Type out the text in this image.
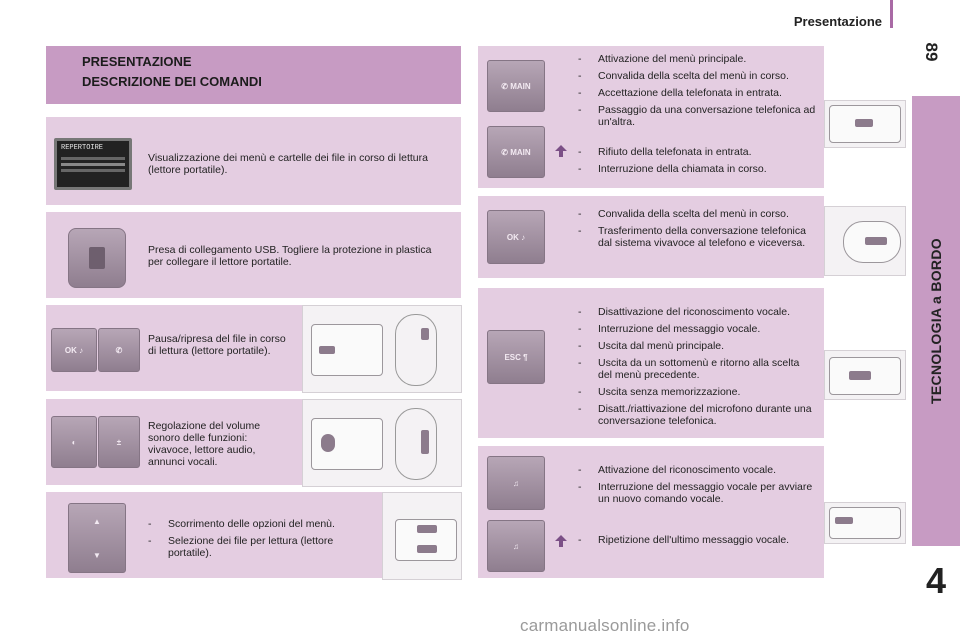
Presentazione
89
TECNOLOGIA a BORDO
4
PRESENTAZIONE
DESCRIZIONE DEI COMANDI
REPERTOIRE
Visualizzazione dei menù e cartelle dei file in corso di lettura (lettore portatile).
Presa di collegamento USB. Togliere la protezione in plastica per collegare il lettore portatile.
OK ♪	✆
Pausa/ripresa del file in corso di lettura (lettore portatile).
◐	±
Regolazione del volume sonoro delle funzioni: vivavoce, lettore audio, annunci vocali.
▲
▼
- Scorrimento delle opzioni del menù.
- Selezione dei file per lettura (lettore portatile).
✆ MAIN
✆ MAIN
- Attivazione del menù principale.
- Convalida della scelta del menù in corso.
- Accettazione della telefonata in entrata.
- Passaggio da una conversazione telefonica ad un'altra.
- Rifiuto della telefonata in entrata.
- Interruzione della chiamata in corso.
OK ♪
- Convalida della scelta del menù in corso.
- Trasferimento della conversazione telefonica dal sistema vivavoce al telefono e viceversa.
ESC ¶
- Disattivazione del riconoscimento vocale.
- Interruzione del messaggio vocale.
- Uscita dal menù principale.
- Uscita da un sottomenù e ritorno alla scelta del menù precedente.
- Uscita senza memorizzazione.
- Disatt./riattivazione del microfono durante una conversazione telefonica.
♫
♫
- Attivazione del riconoscimento vocale.
- Interruzione del messaggio vocale per avviare un nuovo comando vocale.
- Ripetizione dell'ultimo messaggio vocale.
carmanualsonline.info
